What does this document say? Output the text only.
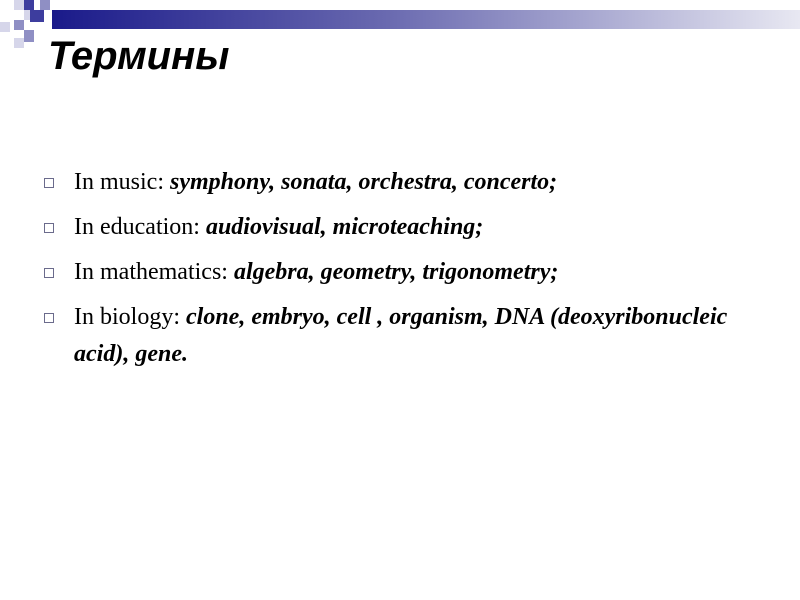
Термины
In music: symphony, sonata, orchestra, concerto;
In education: audiovisual, microteaching;
In mathematics: algebra, geometry, trigonometry;
In biology: clone, embryo, cell , organism, DNA (deoxyribonucleic acid), gene.
